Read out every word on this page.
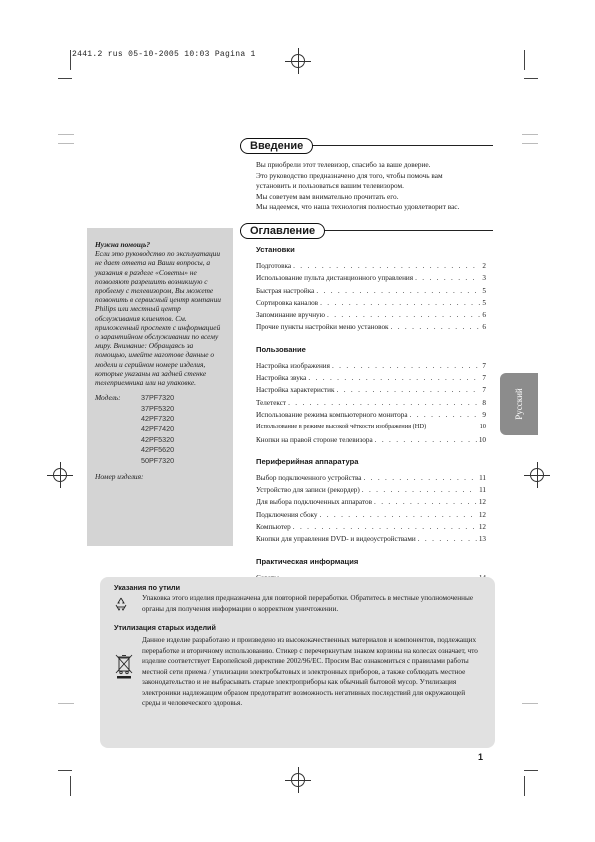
2441.2 rus 05-10-2005 10:03 Pagina 1
Введение

Вы приобрели этот телевизор, спасибо за ваше доверие.

Это руководство предназначено для того, чтобы помочь вам

установить и пользоваться вашим телевизором.

Мы советуем вам внимательно прочитать его.

Мы надеемся, что наша технология полностью удовлетворит вас.

Нужна помощь?
Если это руководство по эксплуатации не дает ответа на Ваши вопросы, а указания в разделе «Советы» не позволяют разрешить возникшую с проблему с телевизором, Вы можете позвонить в сервисный центр компании Philips или местный центр обслуживания клиентов. См. приложенный проспект с информацией о зарантийном обслуживании по всему миру. Внимание: Обращаясь за помощью, имейте наготове данные о модели и серийном номере изделия, которые указаны на задней стенке телеприемника или на упаковке.
Модель:	37PF7320
37PF5320
42PF7320
42PF7420
42PF5320
42PF5620
50PF7320
Номер изделия:
Оглавление
Установки
Подготовка . . .	2
Использование пульта дистанционного управления . . .	3
Быстрая настройка . . .	5
Сортировка каналов . . .	5
Запоминание вручную . . .	6
Прочие пункты настройки меню установок . . .	6
Пользование
Настройка изображения . . .	7
Настройка звука . . .	7
Настройка характеристик . . .	7
Телетекст . . .	8
Использование режима компьютерного монитора . . .	9
Использование в режиме высокой чёткости изображения (HD)	10
Кнопки на правой стороне телевизора . . .	10
Периферийная аппаратура
Выбор подключенного устройства . . .	11
Устройство для записи (рекордер) . . .	11
Для выбора подключенных аппаратов . . .	12
Подключения сбоку . . .	12
Компьютер . . .	12
Кнопки для управления DVD- и видеоустройствами . . .	13
Практическая информация
. . .
. . .
Русский
Указания по утили
Упаковка этого изделия предназначена для повторной переработки. Обратитесь в местные уполномоченные органы для получения информации о корректном уничтожении.
Утилизация старых изделий
Данное изделие разработано и произведено из высококачественных материалов и компонентов, подлежащих переработке и вторичному использованию. Стикер с перечеркнутым знаком корзины на колесах означает, что изделие соответствует Европейской директиве 2002/96/EC. Просим Вас ознакомиться с правилами работы местной сети приема / утилизации электробытовых и электронных приборов, а также соблюдать местное законодательство и не выбрасывать старые электроприборы как обычный бытовой мусор. Утилизация электроники надлежащим образом предотвратит возможность негативных последствий для окружающей среды и человеческого здоровья.
1
